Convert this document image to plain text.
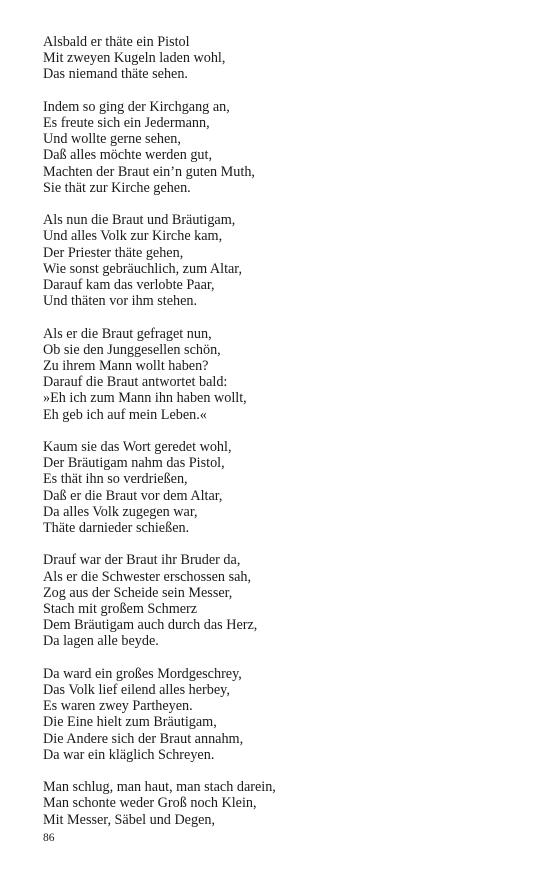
Alsbald er thäte ein Pistol
Mit zweyen Kugeln laden wohl,
Das niemand thäte sehen.
Indem so ging der Kirchgang an,
Es freute sich ein Jedermann,
Und wollte gerne sehen,
Daß alles möchte werden gut,
Machten der Braut ein’n guten Muth,
Sie thät zur Kirche gehen.
Als nun die Braut und Bräutigam,
Und alles Volk zur Kirche kam,
Der Priester thäte gehen,
Wie sonst gebräuchlich, zum Altar,
Darauf kam das verlobte Paar,
Und thäten vor ihm stehen.
Als er die Braut gefraget nun,
Ob sie den Junggesellen schön,
Zu ihrem Mann wollt haben?
Darauf die Braut antwortet bald:
»Eh ich zum Mann ihn haben wollt,
Eh geb ich auf mein Leben.«
Kaum sie das Wort geredet wohl,
Der Bräutigam nahm das Pistol,
Es thät ihn so verdrießen,
Daß er die Braut vor dem Altar,
Da alles Volk zugegen war,
Thäte darnieder schießen.
Drauf war der Braut ihr Bruder da,
Als er die Schwester erschossen sah,
Zog aus der Scheide sein Messer,
Stach mit großem Schmerz
Dem Bräutigam auch durch das Herz,
Da lagen alle beyde.
Da ward ein großes Mordgeschrey,
Das Volk lief eilend alles herbey,
Es waren zwey Partheyen.
Die Eine hielt zum Bräutigam,
Die Andere sich der Braut annahm,
Da war ein kläglich Schreyen.
Man schlug, man haut, man stach darein,
Man schonte weder Groß noch Klein,
Mit Messer, Säbel und Degen,
86
